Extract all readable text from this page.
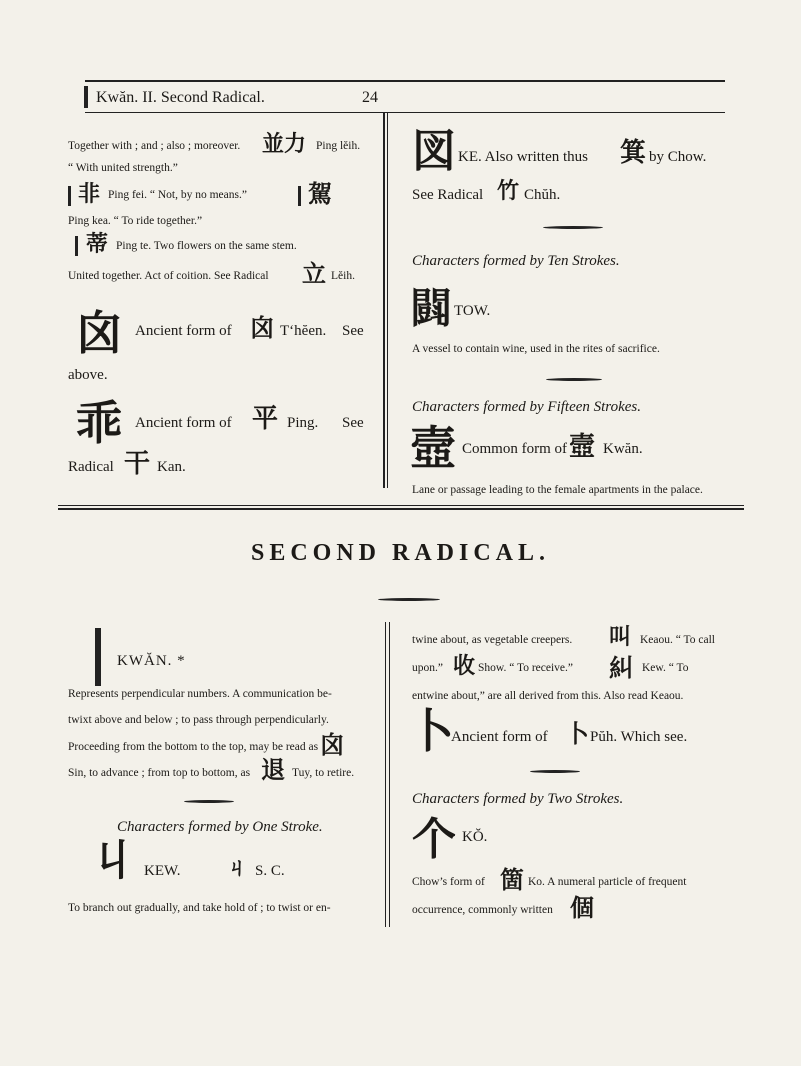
Kwăn. II. Second Radical.	24
Together with ; and ; also ; moreover. 並力 Ping lĕih.
“ With united strength.”
非 Ping fei. “ Not, by no means.”	駕
Ping kea. “ To ride together.”
蒂 Ping te. Two flowers on the same stem.
United together. Act of coition. See Radical 立 Lĕih.
囟 Ancient form of 囟 T‘hĕen. See
above.
乖 Ancient form of 平 Ping. See
Radical 干 Kan.
図 KE. Also written thus 箕 by Chow.
See Radical 竹 Chŭh.
Characters formed by Ten Strokes.
𨶜 TOW.
A vessel to contain wine, used in the rites of sacrifice.
Characters formed by Fifteen Strokes.
壼 Common form of 壼 Kwăn.
Lane or passage leading to the female apartments in the palace.
SECOND RADICAL.
KWĂN. *
Represents perpendicular numbers. A communication be-
twixt above and below ; to pass through perpendicularly.
Proceeding from the bottom to the top, may be read as 囟
Sin, to advance ; from top to bottom, as 退 Tuy, to retire.
Characters formed by One Stroke.
丩 KEW. ㄐ S. C.
To branch out gradually, and take hold of ; to twist or en-
twine about, as vegetable creepers. 叫 Keaou. “ To call
upon.” 收 Show. “ To receive.” 糾 Kew. “ To
entwine about,” are all derived from this. Also read Keaou.
卜
Ancient form of 卜 Pŭh. Which see.
Characters formed by Two Strokes.
个 KŎ.
Chow’s form of 箇 Ko. A numeral particle of frequent
occurrence, commonly written 個
